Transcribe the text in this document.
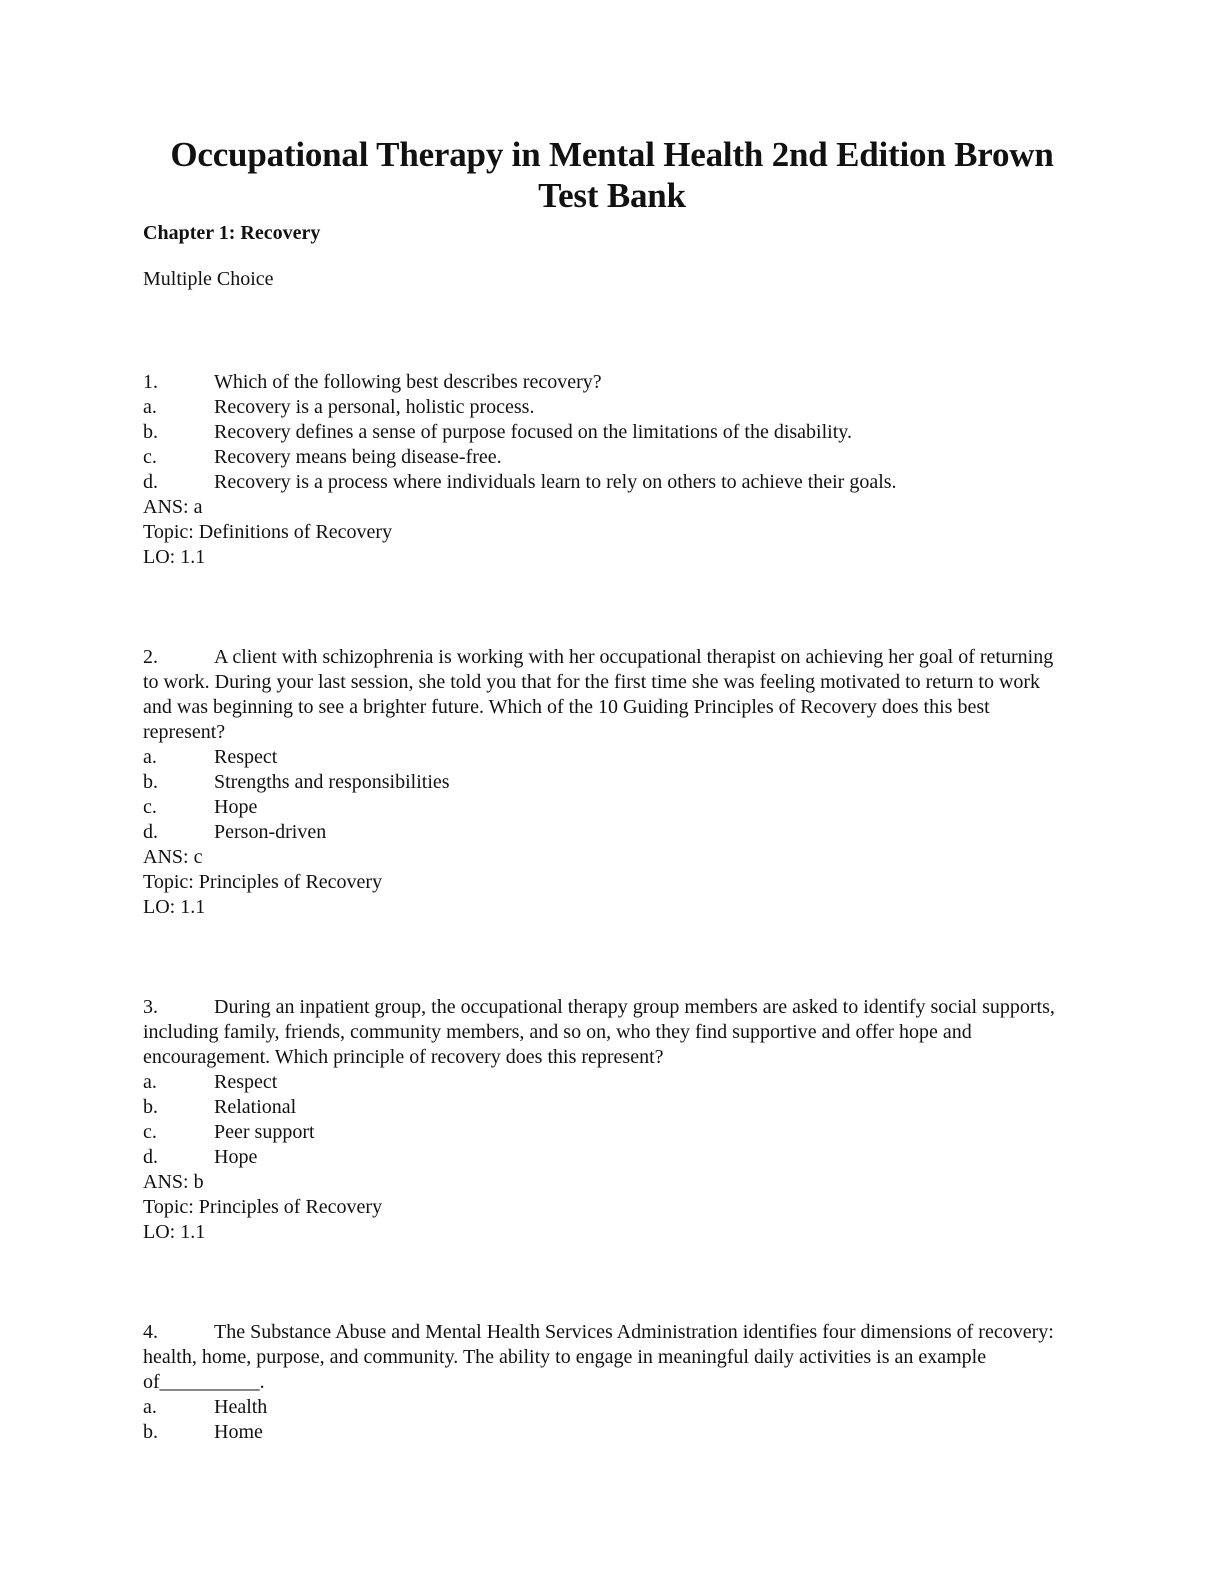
Occupational Therapy in Mental Health 2nd Edition Brown
Test Bank
Chapter 1: Recovery
Multiple Choice

1.	Which of the following best describes recovery?

a.	Recovery is a personal, holistic process.
b.	Recovery defines a sense of purpose focused on the limitations of the disability.
c.	Recovery means being disease-free.
d.	Recovery is a process where individuals learn to rely on others to achieve their goals.

ANS: a

Topic: Definitions of Recovery

LO: 1.1

2.	A client with schizophrenia is working with her occupational therapist on achieving her goal of returning to work. During your last session, she told you that for the first time she was feeling motivated to return to work and was beginning to see a brighter future. Which of the 10 Guiding Principles of Recovery does this best represent?

a.	Respect
b.	Strengths and responsibilities
c.	Hope
d.	Person-driven

ANS: c

Topic: Principles of Recovery

LO: 1.1

3.	During an inpatient group, the occupational therapy group members are asked to identify social supports, including family, friends, community members, and so on, who they find supportive and offer hope and encouragement. Which principle of recovery does this represent?

a.	Respect
b.	Relational
c.	Peer support
d.	Hope

ANS: b

Topic: Principles of Recovery

LO: 1.1

4.	The Substance Abuse and Mental Health Services Administration identifies four dimensions of recovery: health, home, purpose, and community. The ability to engage in meaningful daily activities is an example of__________.

a.	Health
b.	Home
